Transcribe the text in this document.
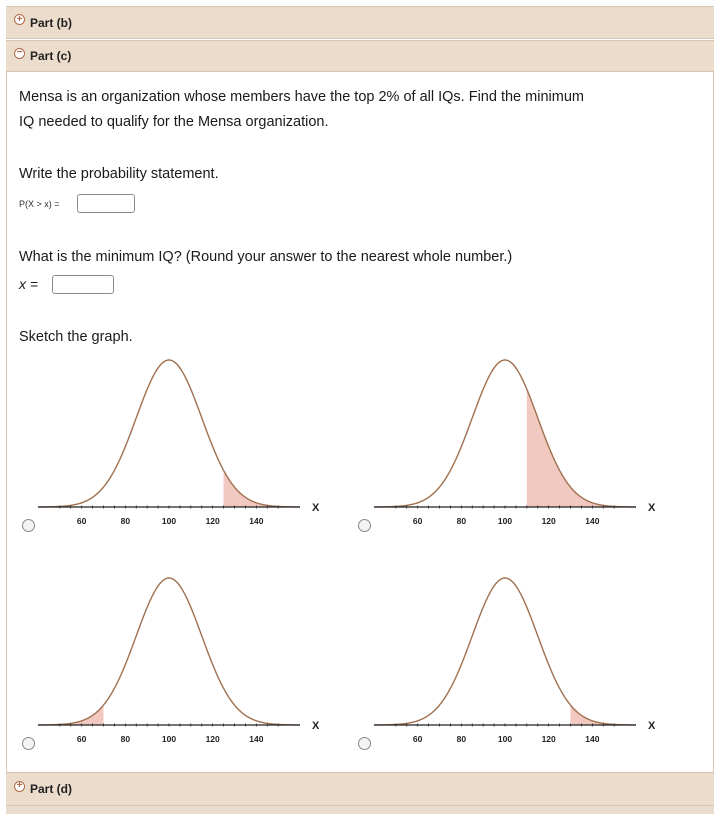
+ Part (b)
− Part (c)
Mensa is an organization whose members have the top 2% of all IQs. Find the minimum
IQ needed to qualify for the Mensa organization.
Write the probability statement.
P(X > x) =
What is the minimum IQ? (Round your answer to the nearest whole number.)
x =
Sketch the graph.
60	80	100	120	140
X
60	80	100	120	140
X
60	80	100	120	140
X
60	80	100	120	140
X
+ Part (d)
